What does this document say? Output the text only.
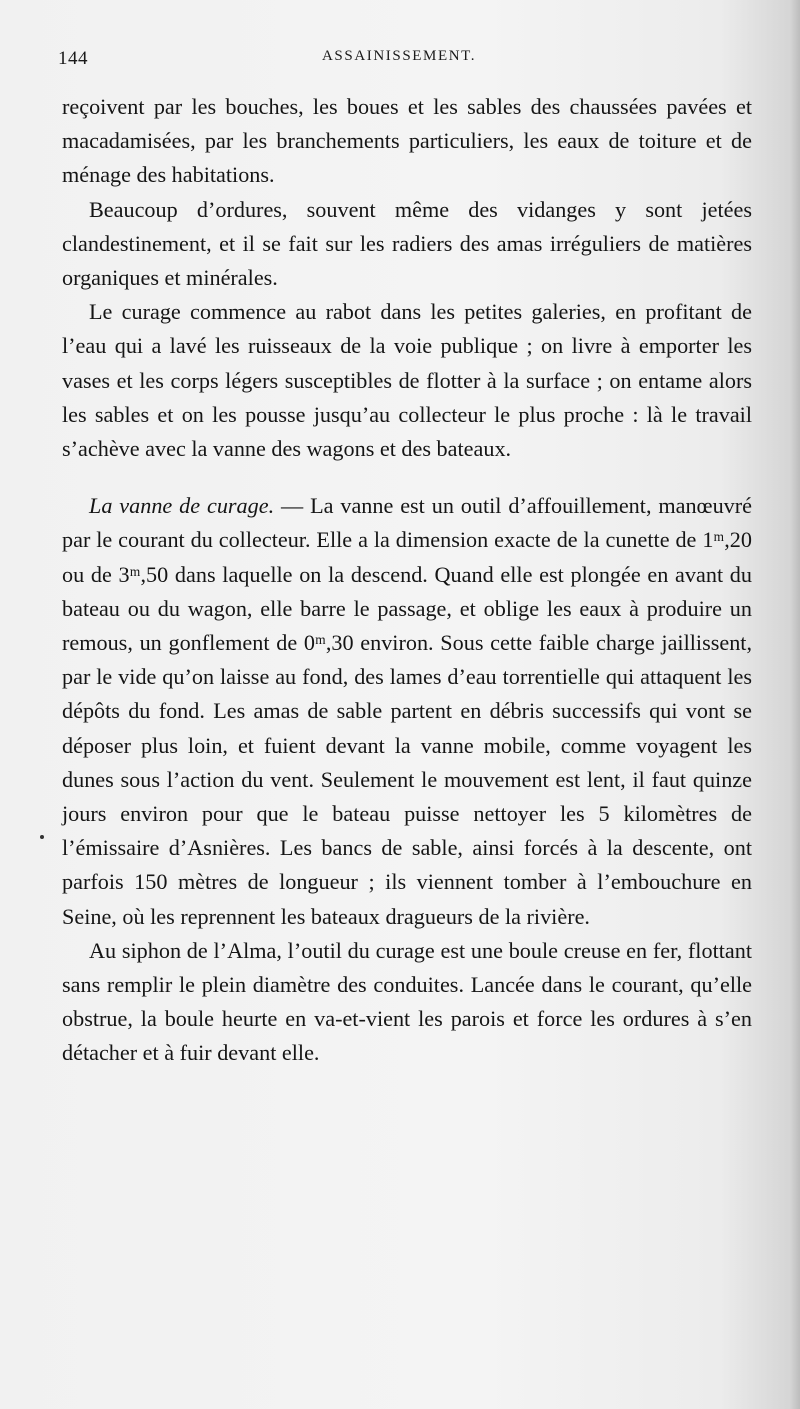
144	ASSAINISSEMENT.

reçoivent par les bouches, les boues et les sables des chaussées pavées et macadamisées, par les branchements particuliers, les eaux de toiture et de ménage des habitations.

Beaucoup d’ordures, souvent même des vidanges y sont jetées clandestinement, et il se fait sur les radiers des amas irréguliers de matières organiques et minérales.

Le curage commence au rabot dans les petites galeries, en profitant de l’eau qui a lavé les ruisseaux de la voie publique ; on livre à emporter les vases et les corps légers susceptibles de flotter à la surface ; on entame alors les sables et on les pousse jusqu’au collecteur le plus proche : là le travail s’achève avec la vanne des wagons et des bateaux.

La vanne de curage. — La vanne est un outil d’affouillement, manœuvré par le courant du collecteur. Elle a la dimension exacte de la cunette de 1ᵐ,20 ou de 3ᵐ,50 dans laquelle on la descend. Quand elle est plongée en avant du bateau ou du wagon, elle barre le passage, et oblige les eaux à produire un remous, un gonflement de 0ᵐ,30 environ. Sous cette faible charge jaillissent, par le vide qu’on laisse au fond, des lames d’eau torrentielle qui attaquent les dépôts du fond. Les amas de sable partent en débris successifs qui vont se déposer plus loin, et fuient devant la vanne mobile, comme voyagent les dunes sous l’action du vent. Seulement le mouvement est lent, il faut quinze jours environ pour que le bateau puisse nettoyer les 5 kilomètres de l’émissaire d’Asnières. Les bancs de sable, ainsi forcés à la descente, ont parfois 150 mètres de longueur ; ils viennent tomber à l’embouchure en Seine, où les reprennent les bateaux dragueurs de la rivière.

Au siphon de l’Alma, l’outil du curage est une boule creuse en fer, flottant sans remplir le plein diamètre des conduites. Lancée dans le courant, qu’elle obstrue, la boule heurte en va-et-vient les parois et force les ordures à s’en détacher et à fuir devant elle.
